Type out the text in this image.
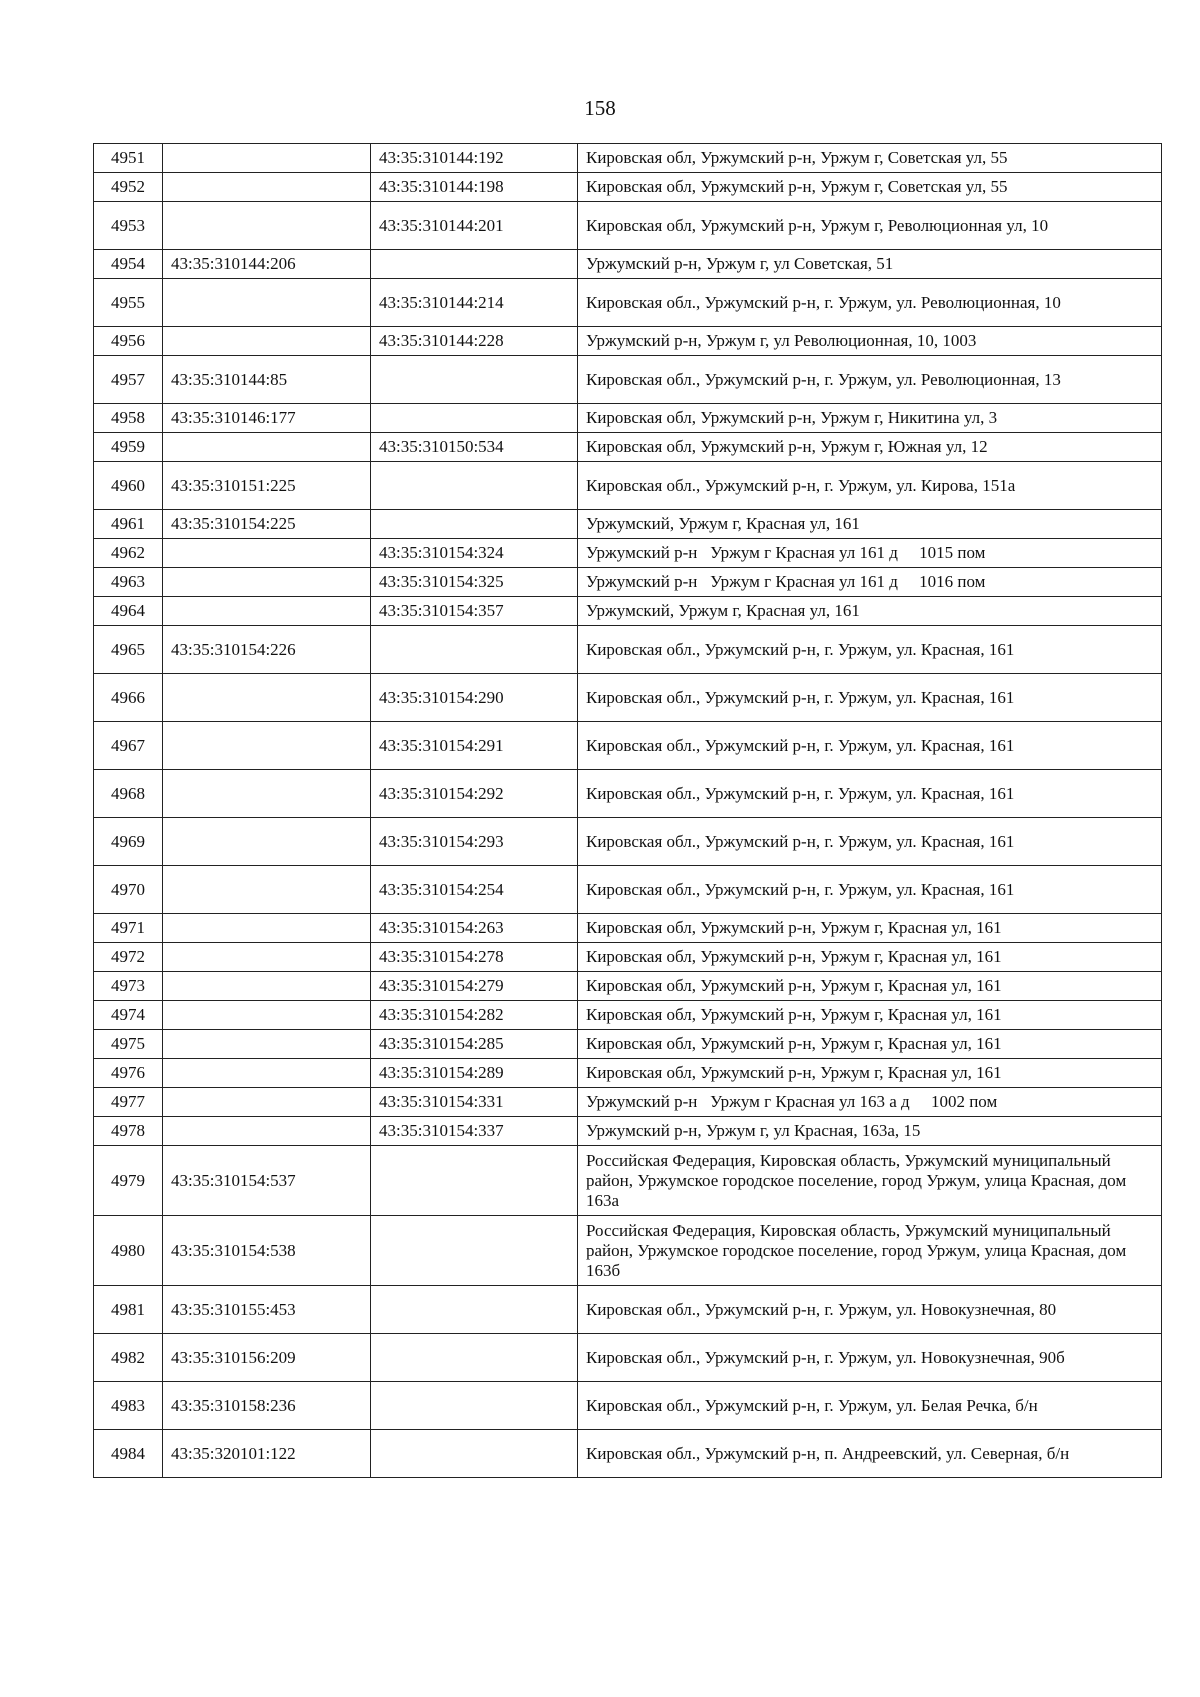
158
4951		43:35:310144:192	Кировская обл, Уржумский р-н, Уржум г, Советская ул, 55
4952		43:35:310144:198	Кировская обл, Уржумский р-н, Уржум г, Советская ул, 55
4953		43:35:310144:201	Кировская обл, Уржумский р-н, Уржум г, Революционная ул, 10
4954	43:35:310144:206		Уржумский р-н, Уржум г, ул Советская, 51
4955		43:35:310144:214	Кировская обл., Уржумский р-н, г. Уржум, ул. Революционная, 10
4956		43:35:310144:228	Уржумский р-н, Уржум г, ул Революционная, 10, 1003
4957	43:35:310144:85		Кировская обл., Уржумский р-н, г. Уржум, ул. Революционная, 13
4958	43:35:310146:177		Кировская обл, Уржумский р-н, Уржум г, Никитина ул, 3
4959		43:35:310150:534	Кировская обл, Уржумский р-н, Уржум г, Южная ул, 12
4960	43:35:310151:225		Кировская обл., Уржумский р-н, г. Уржум, ул. Кирова, 151а
4961	43:35:310154:225		Уржумский, Уржум г, Красная ул, 161
4962		43:35:310154:324	Уржумский р-н   Уржум г Красная ул 161 д     1015 пом
4963		43:35:310154:325	Уржумский р-н   Уржум г Красная ул 161 д     1016 пом
4964		43:35:310154:357	Уржумский, Уржум г, Красная ул, 161
4965	43:35:310154:226		Кировская обл., Уржумский р-н, г. Уржум, ул. Красная, 161
4966		43:35:310154:290	Кировская обл., Уржумский р-н, г. Уржум, ул. Красная, 161
4967		43:35:310154:291	Кировская обл., Уржумский р-н, г. Уржум, ул. Красная, 161
4968		43:35:310154:292	Кировская обл., Уржумский р-н, г. Уржум, ул. Красная, 161
4969		43:35:310154:293	Кировская обл., Уржумский р-н, г. Уржум, ул. Красная, 161
4970		43:35:310154:254	Кировская обл., Уржумский р-н, г. Уржум, ул. Красная, 161
4971		43:35:310154:263	Кировская обл, Уржумский р-н, Уржум г, Красная ул, 161
4972		43:35:310154:278	Кировская обл, Уржумский р-н, Уржум г, Красная ул, 161
4973		43:35:310154:279	Кировская обл, Уржумский р-н, Уржум г, Красная ул, 161
4974		43:35:310154:282	Кировская обл, Уржумский р-н, Уржум г, Красная ул, 161
4975		43:35:310154:285	Кировская обл, Уржумский р-н, Уржум г, Красная ул, 161
4976		43:35:310154:289	Кировская обл, Уржумский р-н, Уржум г, Красная ул, 161
4977		43:35:310154:331	Уржумский р-н   Уржум г Красная ул 163 а д     1002 пом
4978		43:35:310154:337	Уржумский р-н, Уржум г, ул Красная, 163а, 15
4979	43:35:310154:537		Российская Федерация, Кировская область, Уржумский муниципальный район, Уржумское городское поселение, город Уржум, улица Красная, дом 163а
4980	43:35:310154:538		Российская Федерация, Кировская область, Уржумский муниципальный район, Уржумское городское поселение, город Уржум, улица Красная, дом 163б
4981	43:35:310155:453		Кировская обл., Уржумский р-н, г. Уржум, ул. Новокузнечная, 80
4982	43:35:310156:209		Кировская обл., Уржумский р-н, г. Уржум, ул. Новокузнечная, 90б
4983	43:35:310158:236		Кировская обл., Уржумский р-н, г. Уржум, ул. Белая Речка, б/н
4984	43:35:320101:122		Кировская обл., Уржумский р-н, п. Андреевский, ул. Северная, б/н
